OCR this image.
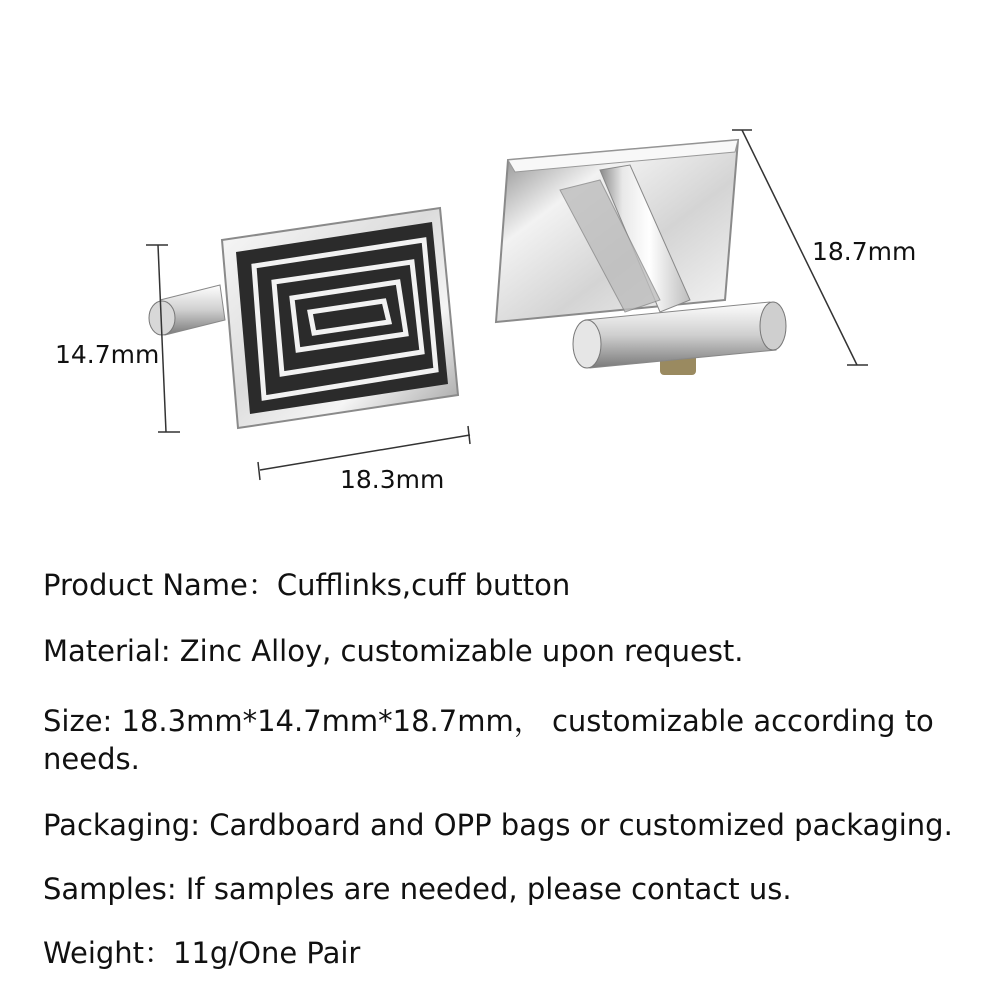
14.7mm
18.3mm
18.7mm

Product Name：Cufflinks,cuff button

Material: Zinc Alloy, customizable upon request.

Size: 18.3mm*14.7mm*18.7mm， customizable according to needs.

Packaging: Cardboard and OPP bags or customized packaging.

Samples: If samples are needed, please contact us.

Weight：11g/One Pair
